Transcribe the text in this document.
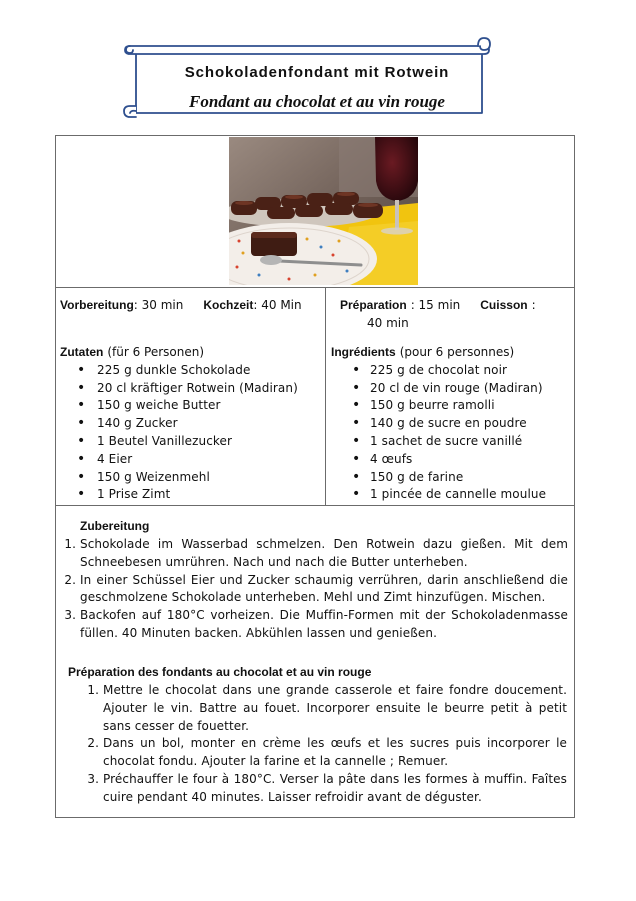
Schokoladenfondant mit Rotwein
Fondant au chocolat et au vin rouge
Vorbereitung: 30 min Kochzeit: 40 Min
Zutaten (für 6 Personen)
• 225 g dunkle Schokolade
• 20 cl kräftiger Rotwein (Madiran)
• 150 g weiche Butter
• 140 g Zucker
• 1 Beutel Vanillezucker
• 4 Eier
• 150 g Weizenmehl
• 1 Prise Zimt
Préparation : 15 min Cuisson : 40 min
Ingrédients (pour 6 personnes)
• 225 g de chocolat noir
• 20 cl de vin rouge (Madiran)
• 150 g beurre ramolli
• 140 g de sucre en poudre
• 1 sachet de sucre vanillé
• 4 œufs
• 150 g de farine
• 1 pincée de cannelle moulue
Zubereitung
1. Schokolade im Wasserbad schmelzen. Den Rotwein dazu gießen. Mit dem Schneebesen umrühren. Nach und nach die Butter unterheben.
2. In einer Schüssel Eier und Zucker schaumig verrühren, darin anschließend die geschmolzene Schokolade unterheben. Mehl und Zimt hinzufügen. Mischen.
3. Backofen auf 180°C vorheizen. Die Muffin-Formen mit der Schokoladenmasse füllen. 40 Minuten backen. Abkühlen lassen und genießen.
Préparation des fondants au chocolat et au vin rouge
1. Mettre le chocolat dans une grande casserole et faire fondre doucement. Ajouter le vin. Battre au fouet. Incorporer ensuite le beurre petit à petit sans cesser de fouetter.
2. Dans un bol, monter en crème les œufs et les sucres puis incorporer le chocolat fondu. Ajouter la farine et la cannelle ; Remuer.
3. Préchauffer le four à 180°C. Verser la pâte dans les formes à muffin. Faîtes cuire pendant 40 minutes. Laisser refroidir avant de déguster.
